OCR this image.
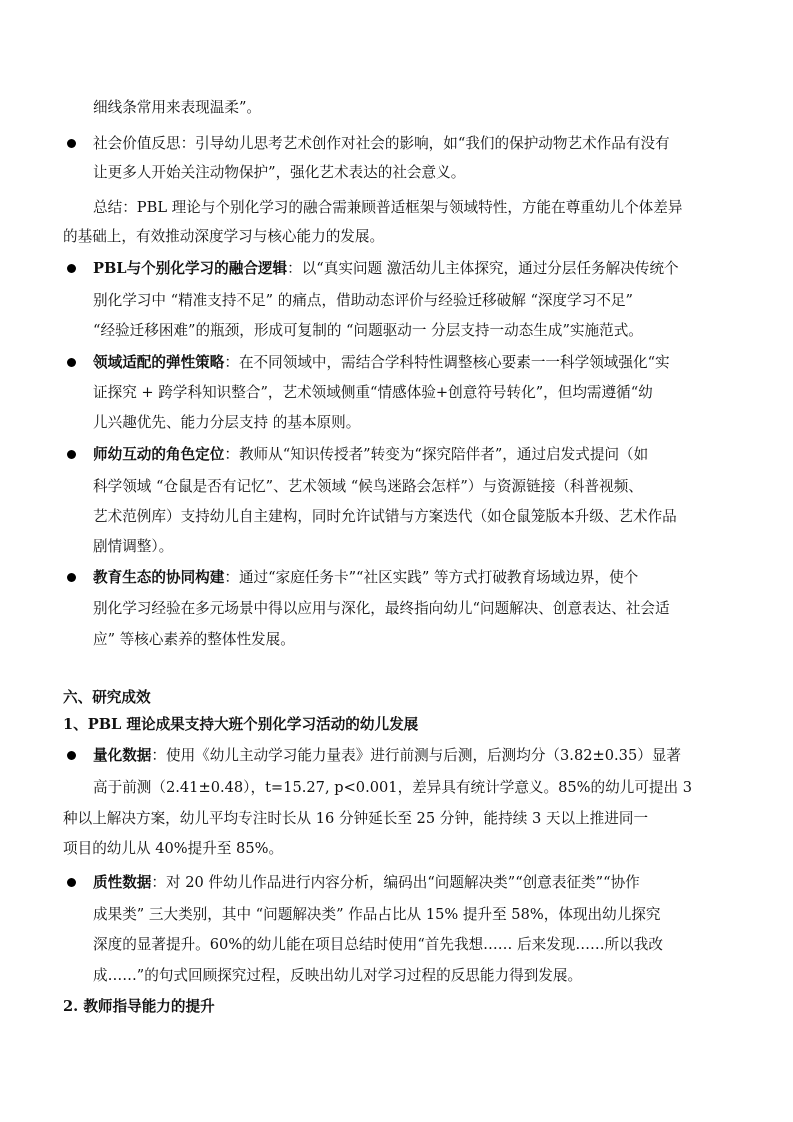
细线条常用来表现温柔”。
社会价值反思：引导幼儿思考艺术创作对社会的影响，如“我们的保护动物艺术作品有没有
让更多人开始关注动物保护”，强化艺术表达的社会意义。
总结：PBL 理论与个别化学习的融合需兼顾普适框架与领域特性，方能在尊重幼儿个体差异
的基础上，有效推动深度学习与核心能力的发展。
PBL与个别化学习的融合逻辑：以“真实问题 激活幼儿主体探究，通过分层任务解决传统个
别化学习中 “精准支持不足” 的痛点，借助动态评价与经验迁移破解 “深度学习不足”
“经验迁移困难”的瓶颈，形成可复制的 “问题驱动一 分层支持一动态生成”实施范式。
领域适配的弹性策略：在不同领域中，需结合学科特性调整核心要素一一科学领域强化“实
证探究 + 跨学科知识整合”，艺术领域侧重“情感体验+创意符号转化”，但均需遵循“幼
儿兴趣优先、能力分层支持 的基本原则。
师幼互动的角色定位：教师从“知识传授者”转变为“探究陪伴者”，通过启发式提问（如
科学领域 “仓鼠是否有记忆”、艺术领域 “候鸟迷路会怎样”）与资源链接（科普视频、
艺术范例库）支持幼儿自主建构，同时允许试错与方案迭代（如仓鼠笼版本升级、艺术作品
剧情调整）。
教育生态的协同构建：通过“家庭任务卡”“社区实践” 等方式打破教育场域边界，使个
别化学习经验在多元场景中得以应用与深化，最终指向幼儿“问题解决、创意表达、社会适
应” 等核心素养的整体性发展。
六、研究成效
1、PBL 理论成果支持大班个别化学习活动的幼儿发展
量化数据：使用《幼儿主动学习能力量表》进行前测与后测，后测均分（3.82±0.35）显著
高于前测（2.41±0.48），t=15.27, p<0.001，差异具有统计学意义。85%的幼儿可提出 3
种以上解决方案，幼儿平均专注时长从 16 分钟延长至 25 分钟，能持续 3 天以上推进同一
项目的幼儿从 40%提升至 85%。
质性数据：对 20 件幼儿作品进行内容分析，编码出“问题解决类”“创意表征类”“协作
成果类” 三大类别，其中 “问题解决类” 作品占比从 15% 提升至 58%，体现出幼儿探究
深度的显著提升。60%的幼儿能在项目总结时使用“首先我想…… 后来发现……所以我改
成……”的句式回顾探究过程，反映出幼儿对学习过程的反思能力得到发展。
2. 教师指导能力的提升
